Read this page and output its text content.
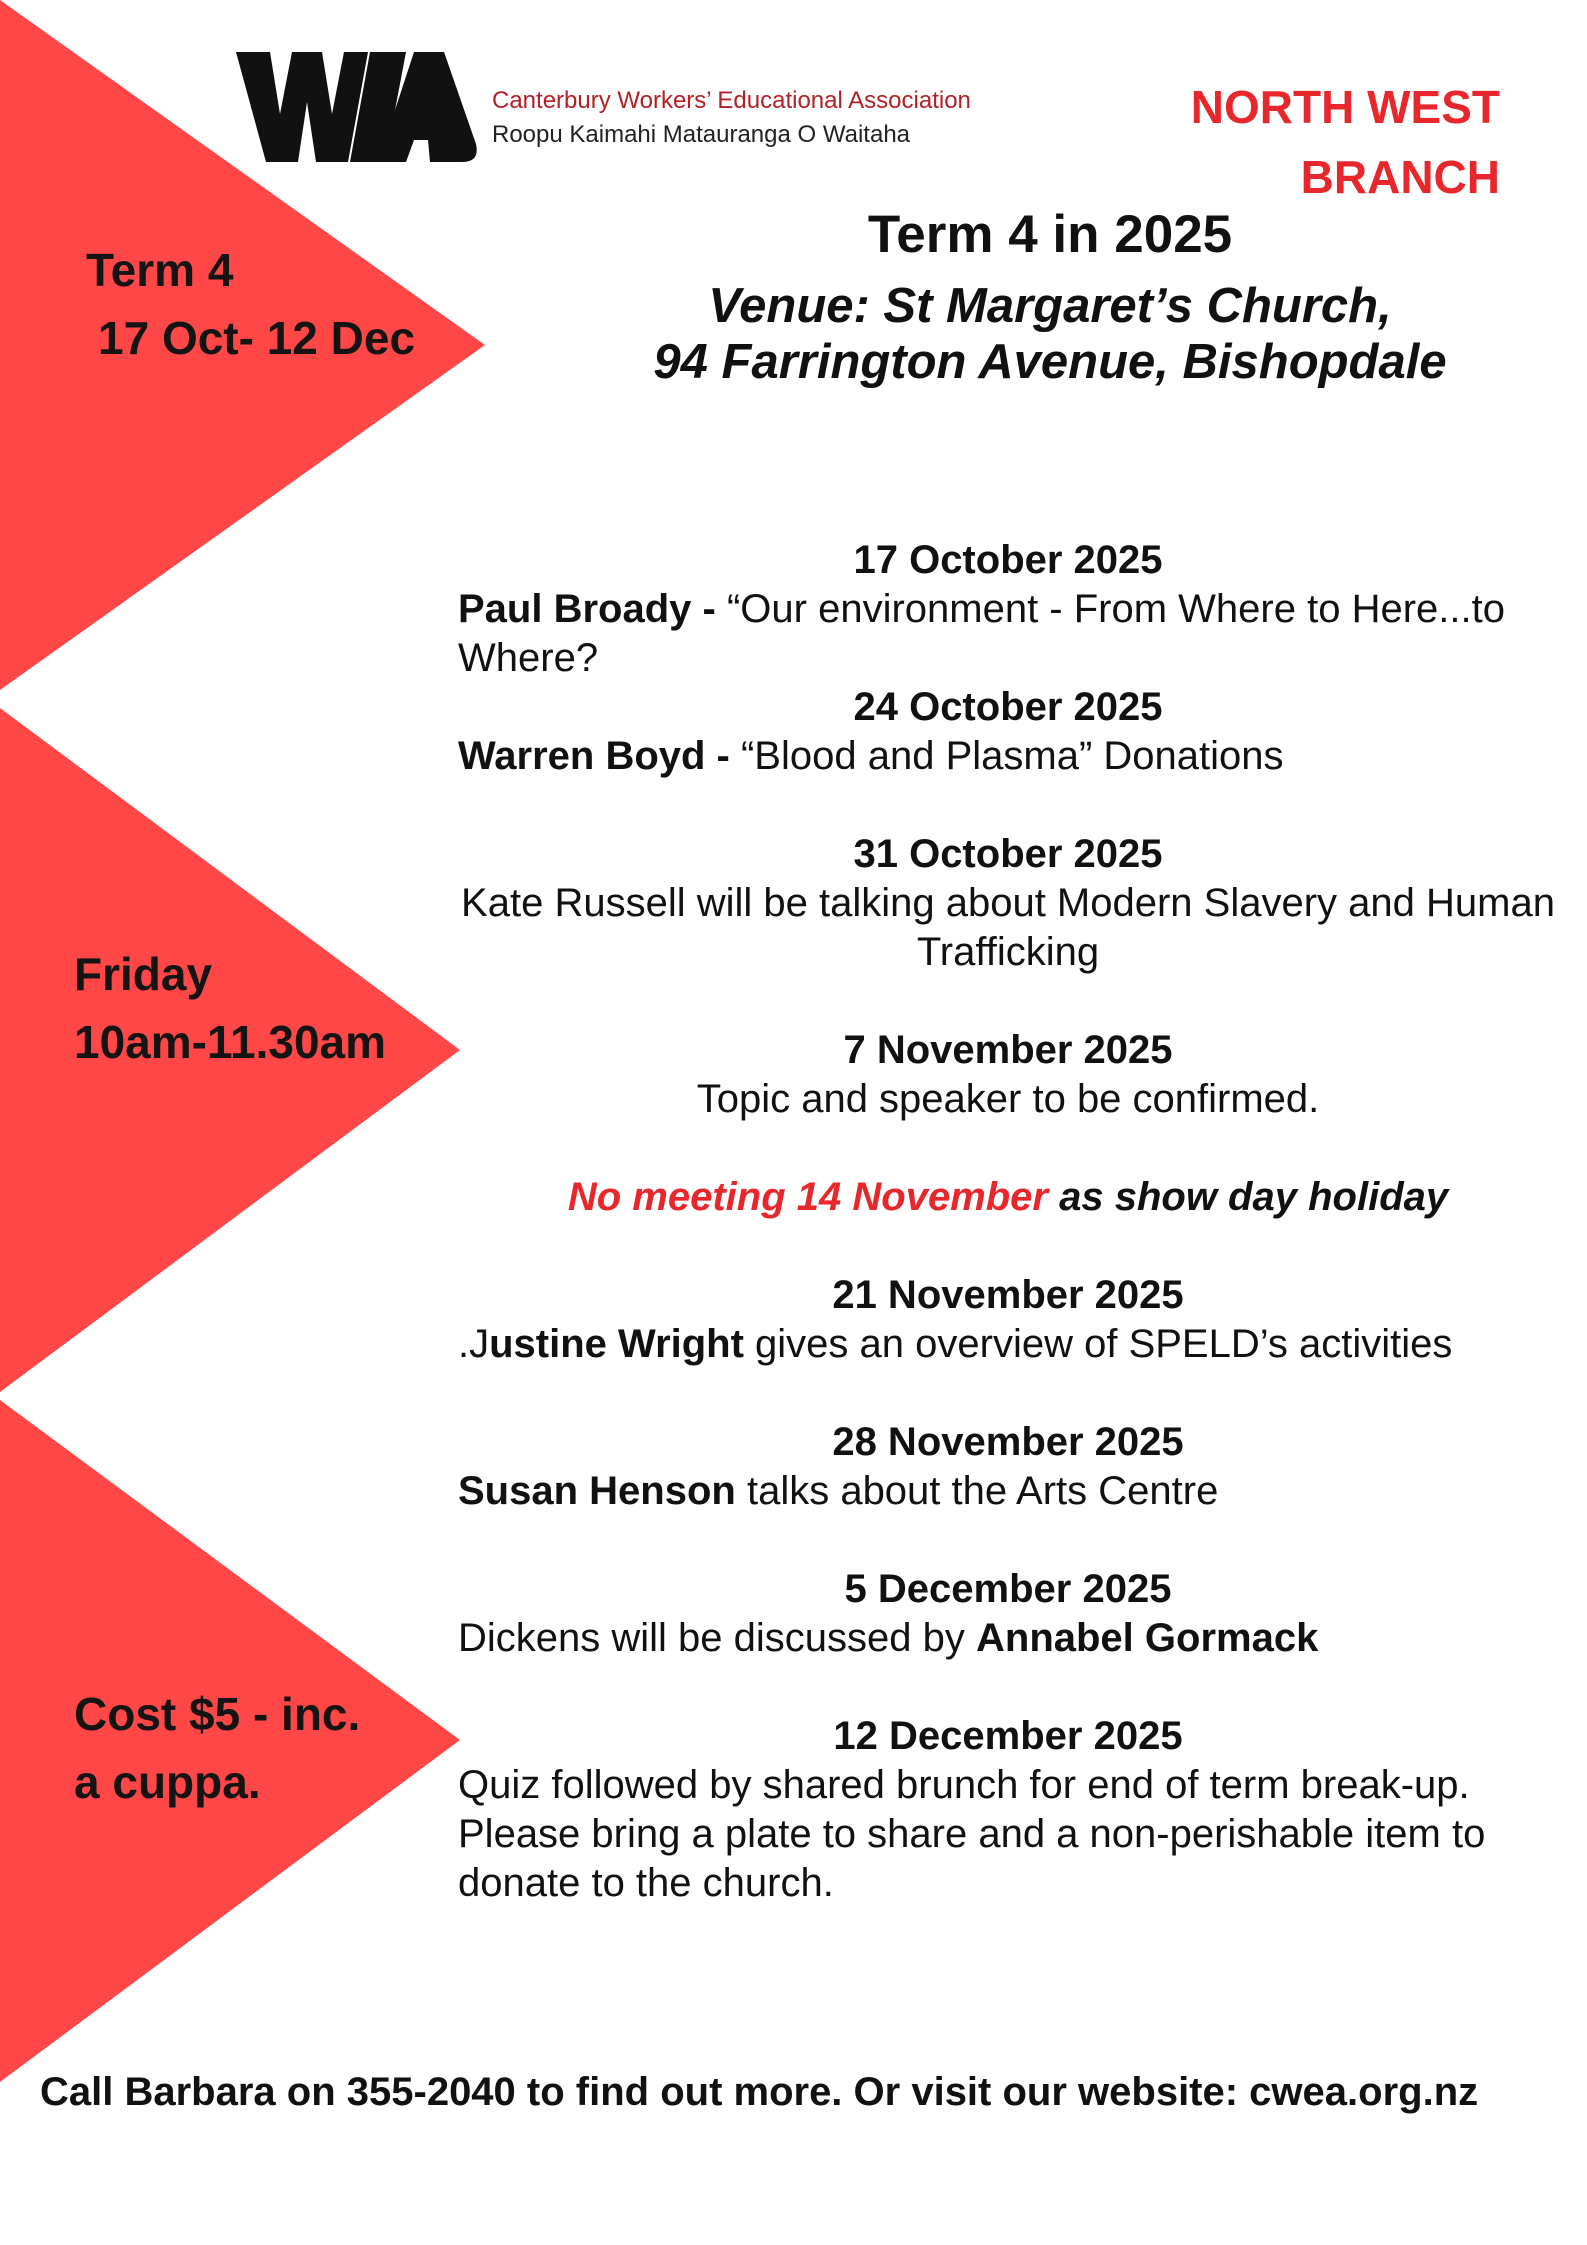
Canterbury Workers’ Educational Association
Roopu Kaimahi Matauranga O Waitaha
NORTH WEST
BRANCH
Term 4
17 Oct- 12 Dec
Friday
10am-11.30am
Cost $5 - inc.
a cuppa.
Term 4 in 2025
Venue: St Margaret’s Church,
94 Farrington Avenue, Bishopdale
17 October 2025
Paul Broady - “Our environment - From Where to Here...to Where?
24 October 2025
Warren Boyd - “Blood and Plasma” Donations
31 October 2025
Kate Russell will be talking about Modern Slavery and Human Trafficking
7 November 2025
Topic and speaker to be confirmed.
No meeting 14 November as show day holiday
21 November 2025
.Justine Wright gives an overview of SPELD’s activities
28 November 2025
Susan Henson talks about the Arts Centre
5 December 2025
Dickens will be discussed by Annabel Gormack
12 December 2025
Quiz followed by shared brunch for end of term break-up. Please bring a plate to share and a non-perishable item to donate to the church.
Call Barbara on 355-2040 to find out more. Or visit our website: cwea.org.nz
